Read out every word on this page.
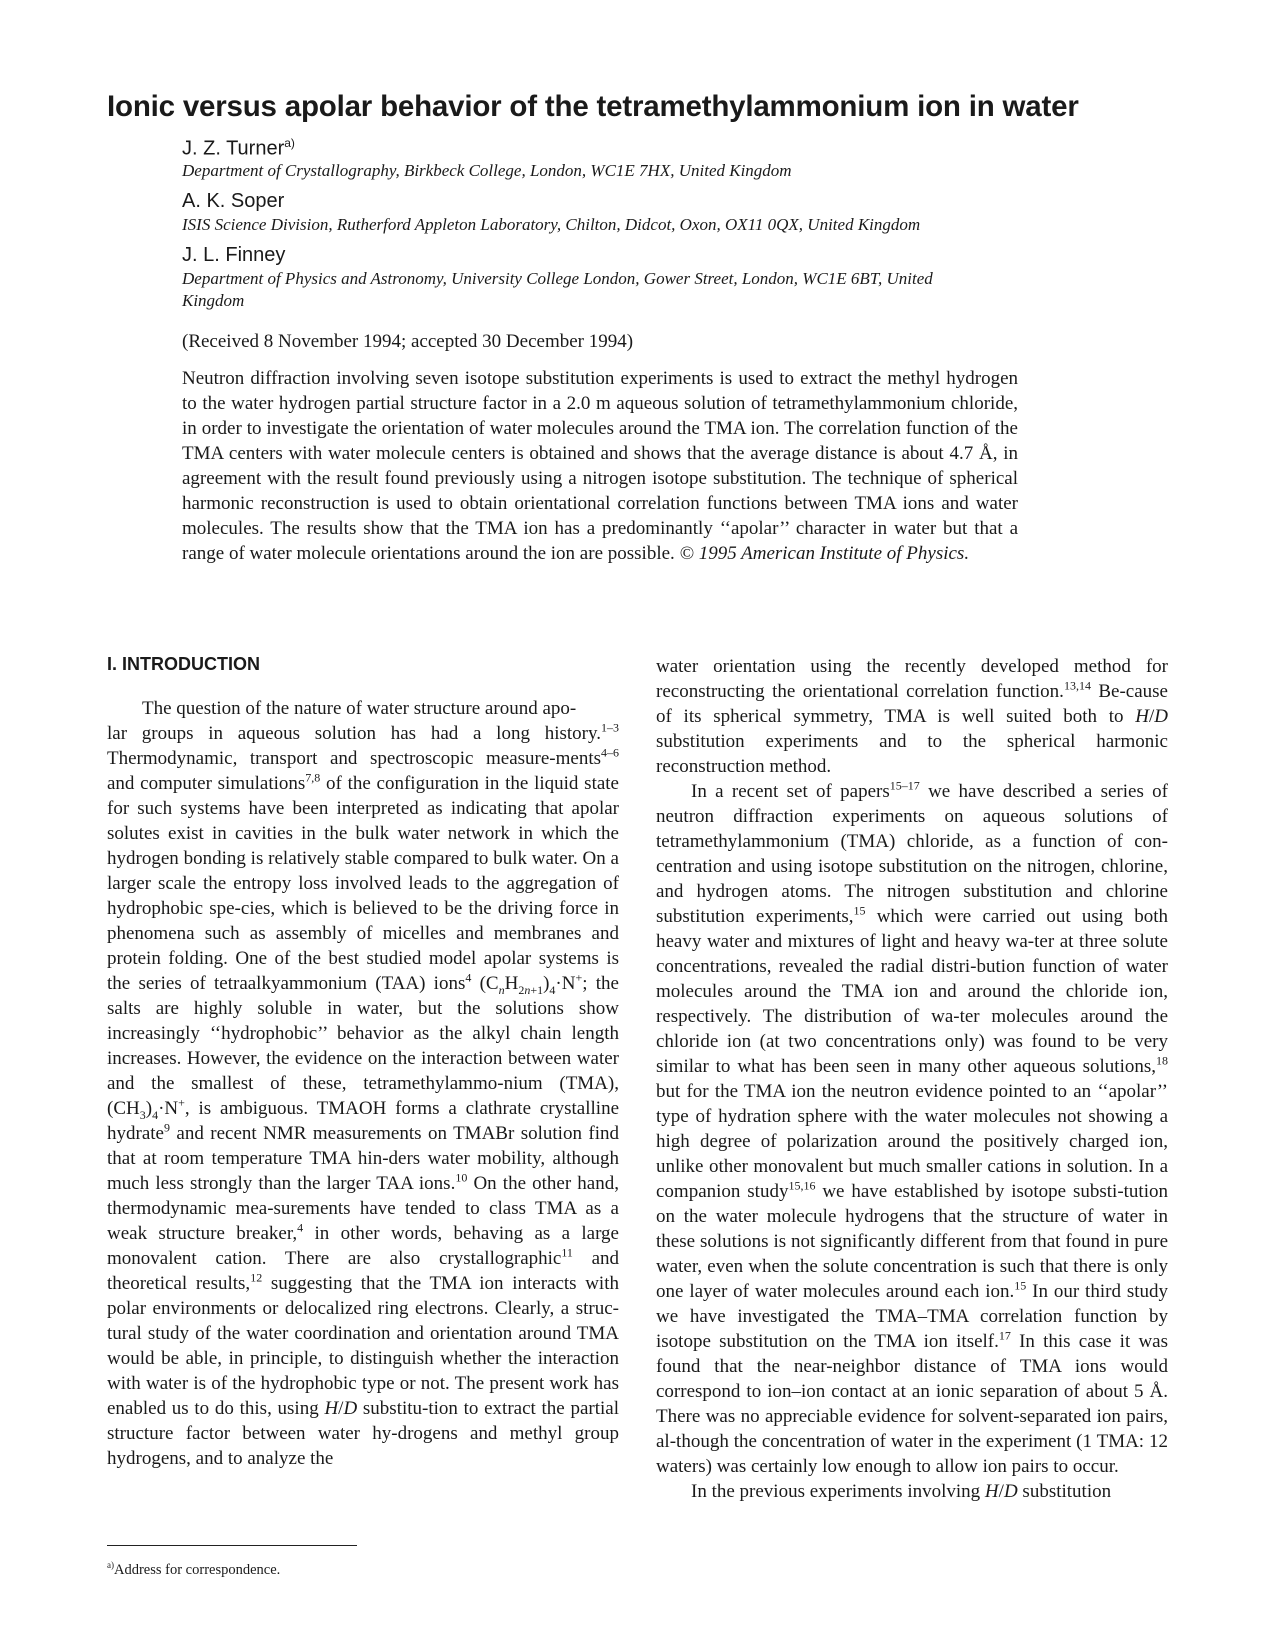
Ionic versus apolar behavior of the tetramethylammonium ion in water
J. Z. Turner$^{a)}$
Department of Crystallography, Birkbeck College, London, WC1E 7HX, United Kingdom
A. K. Soper
ISIS Science Division, Rutherford Appleton Laboratory, Chilton, Didcot, Oxon, OX11 0QX, United Kingdom
J. L. Finney
Department of Physics and Astronomy, University College London, Gower Street, London, WC1E 6BT, United Kingdom
(Received 8 November 1994; accepted 30 December 1994)
Neutron diffraction involving seven isotope substitution experiments is used to extract the methyl hydrogen to the water hydrogen partial structure factor in a 2.0 m aqueous solution of tetramethylammonium chloride, in order to investigate the orientation of water molecules around the TMA ion. The correlation function of the TMA centers with water molecule centers is obtained and shows that the average distance is about 4.7 Å, in agreement with the result found previously using a nitrogen isotope substitution. The technique of spherical harmonic reconstruction is used to obtain orientational correlation functions between TMA ions and water molecules. The results show that the TMA ion has a predominantly ‘‘apolar’’ character in water but that a range of water molecule orientations around the ion are possible. © 1995 American Institute of Physics.
I. INTRODUCTION

The question of the nature of water structure around apo-
lar groups in aqueous solution has had a long history.$^{1-3}$ Thermodynamic, transport and spectroscopic measure-ments$^{4-6}$ and computer simulations$^{7,8}$ of the configuration in the liquid state for such systems have been interpreted as indicating that apolar solutes exist in cavities in the bulk water network in which the hydrogen bonding is relatively stable compared to bulk water. On a larger scale the entropy loss involved leads to the aggregation of hydrophobic spe-cies, which is believed to be the driving force in phenomena such as assembly of micelles and membranes and protein folding. One of the best studied model apolar systems is the series of tetraalkyammonium (TAA) ions$^4$ $(C_nH_{2n+1})_4\cdot N^+$; the salts are highly soluble in water, but the solutions show increasingly ‘‘hydrophobic’’ behavior as the alkyl chain length increases. However, the evidence on the interaction between water and the smallest of these, tetramethylammo-nium (TMA), $(CH_3)_4\cdot N^+$, is ambiguous. TMAOH forms a clathrate crystalline hydrate$^9$ and recent NMR measurements on TMABr solution find that at room temperature TMA hin-ders water mobility, although much less strongly than the larger TAA ions.$^{10}$ On the other hand, thermodynamic mea-surements have tended to class TMA as a weak structure breaker,$^4$ in other words, behaving as a large monovalent cation. There are also crystallographic$^{11}$ and theoretical results,$^{12}$ suggesting that the TMA ion interacts with polar environments or delocalized ring electrons. Clearly, a struc-tural study of the water coordination and orientation around TMA would be able, in principle, to distinguish whether the interaction with water is of the hydrophobic type or not. The present work has enabled us to do this, using H/D substitu-tion to extract the partial structure factor between water hy-drogens and methyl group hydrogens, and to analyze the

water orientation using the recently developed method for reconstructing the orientational correlation function.$^{13,14}$ Be-cause of its spherical symmetry, TMA is well suited both to H/D substitution experiments and to the spherical harmonic reconstruction method.

In a recent set of papers$^{15-17}$ we have described a series of neutron diffraction experiments on aqueous solutions of tetramethylammonium (TMA) chloride, as a function of con-centration and using isotope substitution on the nitrogen, chlorine, and hydrogen atoms. The nitrogen substitution and chlorine substitution experiments,$^{15}$ which were carried out using both heavy water and mixtures of light and heavy wa-ter at three solute concentrations, revealed the radial distri-bution function of water molecules around the TMA ion and around the chloride ion, respectively. The distribution of wa-ter molecules around the chloride ion (at two concentrations only) was found to be very similar to what has been seen in many other aqueous solutions,$^{18}$ but for the TMA ion the neutron evidence pointed to an ‘‘apolar’’ type of hydration sphere with the water molecules not showing a high degree of polarization around the positively charged ion, unlike other monovalent but much smaller cations in solution. In a companion study$^{15,16}$ we have established by isotope substi-tution on the water molecule hydrogens that the structure of water in these solutions is not significantly different from that found in pure water, even when the solute concentration is such that there is only one layer of water molecules around each ion.$^{15}$ In our third study we have investigated the TMA–TMA correlation function by isotope substitution on the TMA ion itself.$^{17}$ In this case it was found that the near-neighbor distance of TMA ions would correspond to ion–ion contact at an ionic separation of about 5 Å. There was no appreciable evidence for solvent-separated ion pairs, al-though the concentration of water in the experiment (1 TMA: 12 waters) was certainly low enough to allow ion pairs to occur.

In the previous experiments involving H/D substitution

$^{a)}$Address for correspondence.
